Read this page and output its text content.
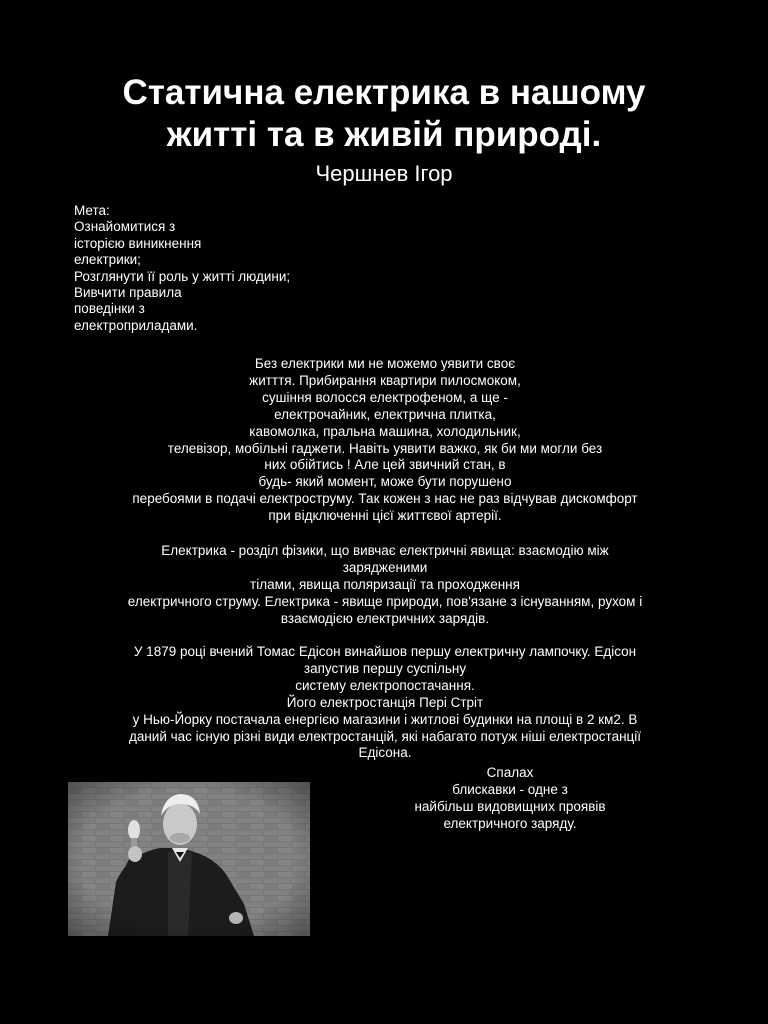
Статична електрика в нашому
житті та в живій природі.
Чершнев Ігор
Мета:
Ознайомитися з
історією виникнення
електрики;
Розглянути її роль у житті людини;
Вивчити правила
поведінки з
електроприладами.
Без електрики ми не можемо уявити своє
житття. Прибирання квартири пилосмоком,
сушіння волосся електрофеном, а ще -
електрочайник, електрична плитка,
кавомолка, пральна машина, холодильник,
телевізор, мобільні гаджети. Навіть уявити важко, як би ми могли без
них обійтись ! Але цей звичний стан, в
будь- який момент, може бути порушено
перебоями в подачі електроструму. Так кожен з нас не раз відчував дискомфорт
при відключенні цієї життєвої артерії.
Електрика - розділ фізики, що вивчає електричні явища: взаємодію між
зарядженими
тілами, явища поляризації та проходження
електричного струму. Електрика - явище природи, пов'язане з існуванням, рухом і
взаємодією електричних зарядів.
У 1879 році вчений Томас Едісон винайшов першу електричну лампочку. Едісон
запустив першу суспільну
систему електропостачання.
Його електростанція Пері Стріт
у Нью-Йорку постачала енергією магазини і житлові будинки на площі в 2 км2. В
даний час існую різні види електростанцій, які набагато потуж ніші електростанції
Едісона.
Спалах
блискавки - одне з
найбільш видовищних проявів
електричного заряду.
